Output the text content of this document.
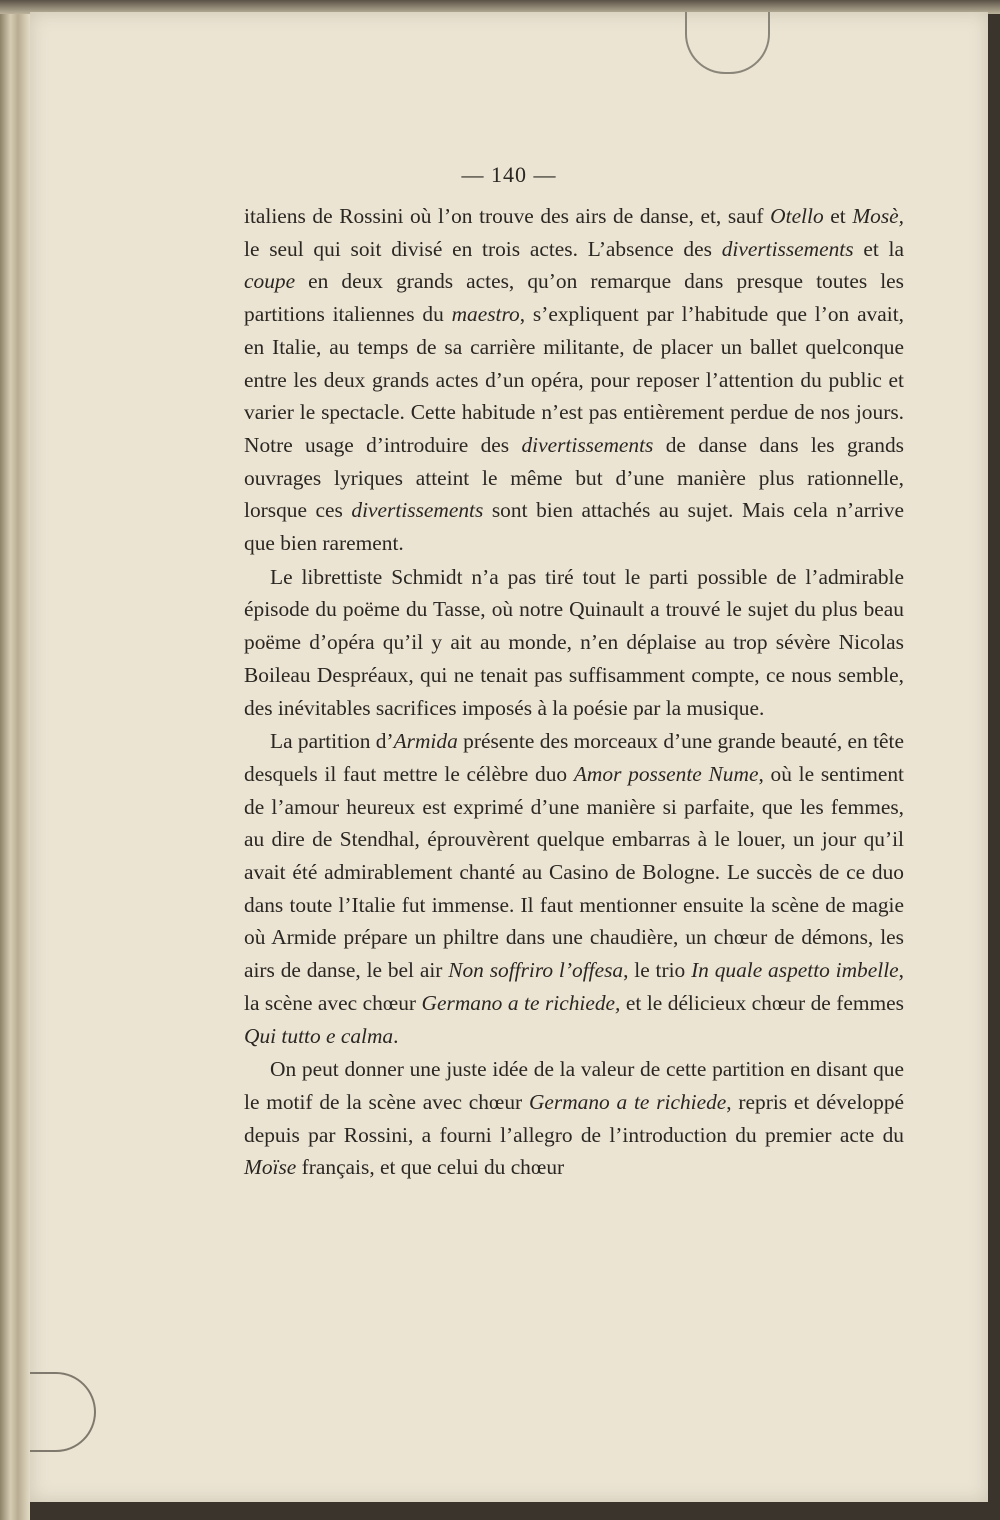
— 140 —

italiens de Rossini où l’on trouve des airs de danse, et, sauf Otello et Mosè, le seul qui soit divisé en trois actes. L’absence des divertissements et la coupe en deux grands actes, qu’on remarque dans presque toutes les partitions italiennes du maestro, s’expliquent par l’habitude que l’on avait, en Italie, au temps de sa carrière militante, de placer un ballet quelconque entre les deux grands actes d’un opéra, pour reposer l’attention du public et varier le spectacle. Cette habitude n’est pas entièrement perdue de nos jours. Notre usage d’introduire des divertissements de danse dans les grands ouvrages lyriques atteint le même but d’une manière plus rationnelle, lorsque ces divertissements sont bien attachés au sujet. Mais cela n’arrive que bien rarement.

Le librettiste Schmidt n’a pas tiré tout le parti possible de l’admirable épisode du poëme du Tasse, où notre Quinault a trouvé le sujet du plus beau poëme d’opéra qu’il y ait au monde, n’en déplaise au trop sévère Nicolas Boileau Despréaux, qui ne tenait pas suffisamment compte, ce nous semble, des inévitables sacrifices imposés à la poésie par la musique.

La partition d’Armida présente des morceaux d’une grande beauté, en tête desquels il faut mettre le célèbre duo Amor possente Nume, où le sentiment de l’amour heureux est exprimé d’une manière si parfaite, que les femmes, au dire de Stendhal, éprouvèrent quelque embarras à le louer, un jour qu’il avait été admirablement chanté au Casino de Bologne. Le succès de ce duo dans toute l’Italie fut immense. Il faut mentionner ensuite la scène de magie où Armide prépare un philtre dans une chaudière, un chœur de démons, les airs de danse, le bel air Non soffriro l’offesa, le trio In quale aspetto imbelle, la scène avec chœur Germano a te richiede, et le délicieux chœur de femmes Qui tutto e calma.

On peut donner une juste idée de la valeur de cette partition en disant que le motif de la scène avec chœur Germano a te richiede, repris et développé depuis par Rossini, a fourni l’allegro de l’introduction du premier acte du Moïse français, et que celui du chœur
